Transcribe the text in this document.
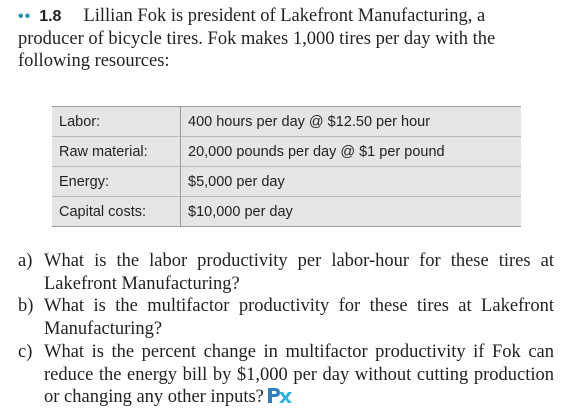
•• 1.8 Lillian Fok is president of Lakefront Manufacturing, a producer of bicycle tires. Fok makes 1,000 tires per day with the following resources:
Labor:	400 hours per day @ $12.50 per hour
Raw material:	20,000 pounds per day @ $1 per pound
Energy:	$5,000 per day
Capital costs:	$10,000 per day
a) What is the labor productivity per labor-hour for these tires at Lakefront Manufacturing?
b) What is the multifactor productivity for these tires at Lakefront Manufacturing?
c) What is the percent change in multifactor productivity if Fok can reduce the energy bill by $1,000 per day without cutting production or changing any other inputs?
